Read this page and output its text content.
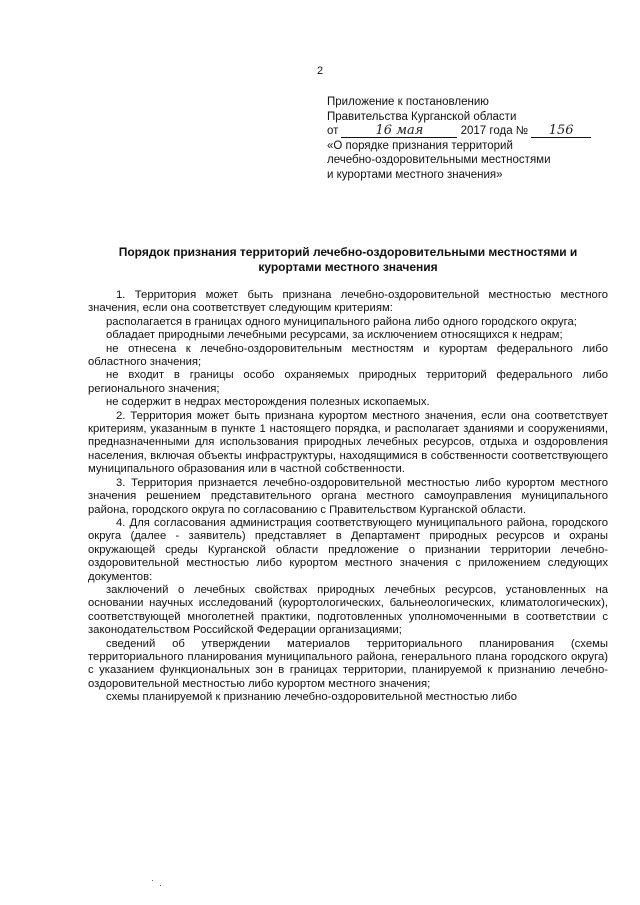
2
Приложение к постановлению
Правительства Курганской области
от	16 мая	2017 года № 156
«О порядке признания территорий
лечебно-оздоровительными местностями
и курортами местного значения»
Порядок признания территорий лечебно-оздоровительными местностями и
курортами местного значения

1. Территория может быть признана лечебно-оздоровительной местностью местного значения, если она соответствует следующим критериям:

располагается в границах одного муниципального района либо одного городского округа;

обладает природными лечебными ресурсами, за исключением относящихся к недрам;

не отнесена к лечебно-оздоровительным местностям и курортам федерального либо областного значения;

не входит в границы особо охраняемых природных территорий федерального либо регионального значения;

не содержит в недрах месторождения полезных ископаемых.

2. Территория может быть признана курортом местного значения, если она соответствует критериям, указанным в пункте 1 настоящего порядка, и располагает зданиями и сооружениями, предназначенными для использования природных лечебных ресурсов, отдыха и оздоровления населения, включая объекты инфраструктуры, находящимися в собственности соответствующего муниципального образования или в частной собственности.

3. Территория признается лечебно-оздоровительной местностью либо курортом местного значения решением представительного органа местного самоуправления муниципального района, городского округа по согласованию с Правительством Курганской области.

4. Для согласования администрация соответствующего муниципального района, городского округа (далее - заявитель) представляет в Департамент природных ресурсов и охраны окружающей среды Курганской области предложение о признании территории лечебно-оздоровительной местностью либо курортом местного значения с приложением следующих документов:

заключений о лечебных свойствах природных лечебных ресурсов, установленных на основании научных исследований (курортологических, бальнеологических, климатологических), соответствующей многолетней практики, подготовленных уполномоченными в соответствии с законодательством Российской Федерации организациями;

сведений об утверждении материалов территориального планирования (схемы территориального планирования муниципального района, генерального плана городского округа) с указанием функциональных зон в границах территории, планируемой к признанию лечебно-оздоровительной местностью либо курортом местного значения;

схемы планируемой к признанию лечебно-оздоровительной местностью либо
